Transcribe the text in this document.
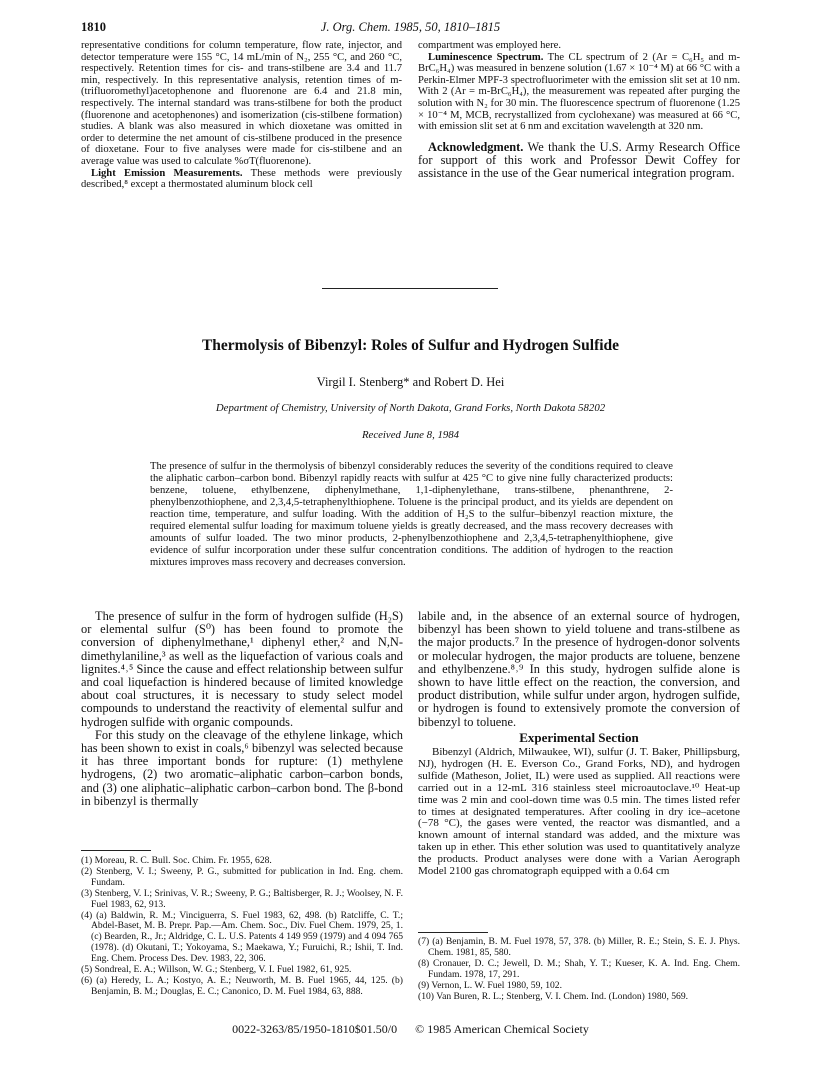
1810	J. Org. Chem. 1985, 50, 1810–1815

representative conditions for column temperature, flow rate, injector, and detector temperature were 155 °C, 14 mL/min of N₂, 255 °C, and 260 °C, respectively. Retention times for cis- and trans-stilbene are 3.4 and 11.7 min, respectively. In this representative analysis, retention times of m-(trifluoromethyl)acetophenone and fluorenone are 6.4 and 21.8 min, respectively. The internal standard was trans-stilbene for both the product (fluorenone and acetophenones) and isomerization (cis-stilbene formation) studies. A blank was also measured in which dioxetane was omitted in order to determine the net amount of cis-stilbene produced in the presence of dioxetane. Four to five analyses were made for cis-stilbene and an average value was used to calculate %σT(fluorenone).

Light Emission Measurements. These methods were previously described,⁸ except a thermostated aluminum block cell

compartment was employed here.

Luminescence Spectrum. The CL spectrum of 2 (Ar = C₆H₅ and m-BrC₆H₄) was measured in benzene solution (1.67 × 10⁻⁴ M) at 66 °C with a Perkin-Elmer MPF-3 spectrofluorimeter with the emission slit set at 10 nm. With 2 (Ar = m-BrC₆H₄), the measurement was repeated after purging the solution with N₂ for 30 min. The fluorescence spectrum of fluorenone (1.25 × 10⁻⁴ M, MCB, recrystallized from cyclohexane) was measured at 66 °C, with emission slit set at 6 nm and excitation wavelength at 320 nm.

Acknowledgment. We thank the U.S. Army Research Office for support of this work and Professor Dewit Coffey for assistance in the use of the Gear numerical integration program.

Thermolysis of Bibenzyl: Roles of Sulfur and Hydrogen Sulfide
Virgil I. Stenberg* and Robert D. Hei
Department of Chemistry, University of North Dakota, Grand Forks, North Dakota 58202
Received June 8, 1984
The presence of sulfur in the thermolysis of bibenzyl considerably reduces the severity of the conditions required to cleave the aliphatic carbon–carbon bond. Bibenzyl rapidly reacts with sulfur at 425 °C to give nine fully characterized products: benzene, toluene, ethylbenzene, diphenylmethane, 1,1-diphenylethane, trans-stilbene, phenanthrene, 2-phenylbenzothiophene, and 2,3,4,5-tetraphenylthiophene. Toluene is the principal product, and its yields are dependent on reaction time, temperature, and sulfur loading. With the addition of H₂S to the sulfur–bibenzyl reaction mixture, the required elemental sulfur loading for maximum toluene yields is greatly decreased, and the mass recovery decreases with amounts of sulfur loaded. The two minor products, 2-phenylbenzothiophene and 2,3,4,5-tetraphenylthiophene, give evidence of sulfur incorporation under these sulfur concentration conditions. The addition of hydrogen to the reaction mixtures improves mass recovery and decreases conversion.

The presence of sulfur in the form of hydrogen sulfide (H₂S) or elemental sulfur (S⁰) has been found to promote the conversion of diphenylmethane,¹ diphenyl ether,² and N,N-dimethylaniline,³ as well as the liquefaction of various coals and lignites.⁴˒⁵ Since the cause and effect relationship between sulfur and coal liquefaction is hindered because of limited knowledge about coal structures, it is necessary to study select model compounds to understand the reactivity of elemental sulfur and hydrogen sulfide with organic compounds.

For this study on the cleavage of the ethylene linkage, which has been shown to exist in coals,⁶ bibenzyl was selected because it has three important bonds for rupture: (1) methylene hydrogens, (2) two aromatic–aliphatic carbon–carbon bonds, and (3) one aliphatic–aliphatic carbon–carbon bond. The β-bond in bibenzyl is thermally

(1) Moreau, R. C. Bull. Soc. Chim. Fr. 1955, 628.

(2) Stenberg, V. I.; Sweeny, P. G., submitted for publication in Ind. Eng. chem. Fundam.

(3) Stenberg, V. I.; Srinivas, V. R.; Sweeny, P. G.; Baltisberger, R. J.; Woolsey, N. F. Fuel 1983, 62, 913.

(4) (a) Baldwin, R. M.; Vinciguerra, S. Fuel 1983, 62, 498. (b) Ratcliffe, C. T.; Abdel-Baset, M. B. Prepr. Pap.—Am. Chem. Soc., Div. Fuel Chem. 1979, 25, 1. (c) Bearden, R., Jr.; Aldridge, C. L. U.S. Patents 4 149 959 (1979) and 4 094 765 (1978). (d) Okutani, T.; Yokoyama, S.; Maekawa, Y.; Furuichi, R.; Ishii, T. Ind. Eng. Chem. Process Des. Dev. 1983, 22, 306.

(5) Sondreal, E. A.; Willson, W. G.; Stenberg, V. I. Fuel 1982, 61, 925.

(6) (a) Heredy, L. A.; Kostyo, A. E.; Neuworth, M. B. Fuel 1965, 44, 125. (b) Benjamin, B. M.; Douglas, E. C.; Canonico, D. M. Fuel 1984, 63, 888.

labile and, in the absence of an external source of hydrogen, bibenzyl has been shown to yield toluene and trans-stilbene as the major products.⁷ In the presence of hydrogen-donor solvents or molecular hydrogen, the major products are toluene, benzene and ethylbenzene.⁸˒⁹ In this study, hydrogen sulfide alone is shown to have little effect on the reaction, the conversion, and product distribution, while sulfur under argon, hydrogen sulfide, or hydrogen is found to extensively promote the conversion of bibenzyl to toluene.

Experimental Section

Bibenzyl (Aldrich, Milwaukee, WI), sulfur (J. T. Baker, Phillipsburg, NJ), hydrogen (H. E. Everson Co., Grand Forks, ND), and hydrogen sulfide (Matheson, Joliet, IL) were used as supplied. All reactions were carried out in a 12-mL 316 stainless steel microautoclave.¹⁰ Heat-up time was 2 min and cool-down time was 0.5 min. The times listed refer to times at designated temperatures. After cooling in dry ice–acetone (−78 °C), the gases were vented, the reactor was dismantled, and a known amount of internal standard was added, and the mixture was taken up in ether. This ether solution was used to quantitatively analyze the products. Product analyses were done with a Varian Aerograph Model 2100 gas chromatograph equipped with a 0.64 cm

(7) (a) Benjamin, B. M. Fuel 1978, 57, 378. (b) Miller, R. E.; Stein, S. E. J. Phys. Chem. 1981, 85, 580.

(8) Cronauer, D. C.; Jewell, D. M.; Shah, Y. T.; Kueser, K. A. Ind. Eng. Chem. Fundam. 1978, 17, 291.

(9) Vernon, L. W. Fuel 1980, 59, 102.

(10) Van Buren, R. L.; Stenberg, V. I. Chem. Ind. (London) 1980, 569.

0022-3263/85/1950-1810$01.50/0 © 1985 American Chemical Society
